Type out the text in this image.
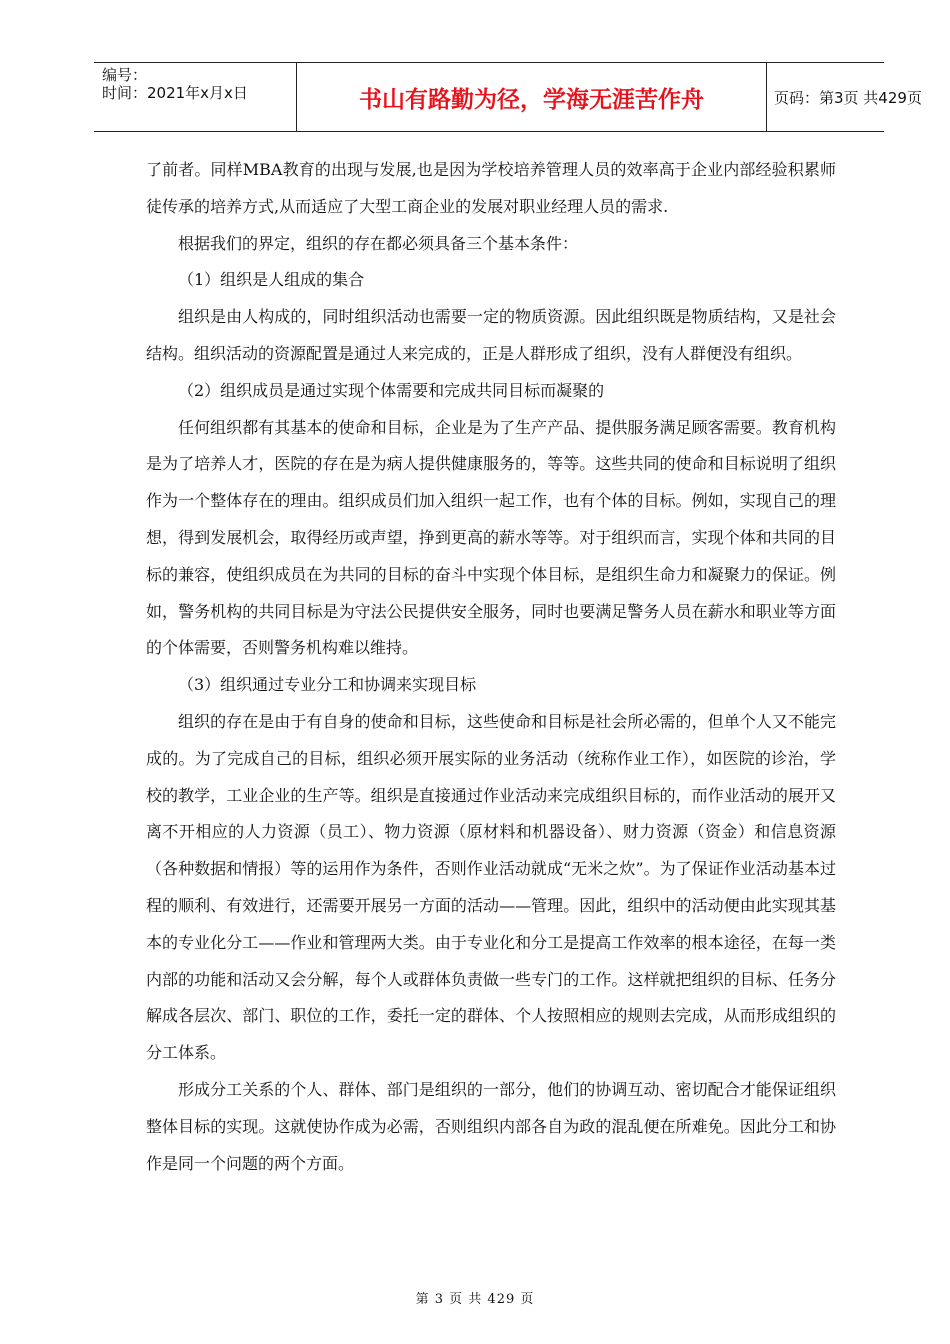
编号：
时间：2021年x月x日	书山有路勤为径，学海无涯苦作舟	页码：第3页 共429页

了前者。同样MBA教育的出现与发展,也是因为学校培养管理人员的效率高于企业内部经验积累师徒传承的培养方式,从而适应了大型工商企业的发展对职业经理人员的需求.

根据我们的界定，组织的存在都必须具备三个基本条件：

（1）组织是人组成的集合

组织是由人构成的，同时组织活动也需要一定的物质资源。因此组织既是物质结构，又是社会结构。组织活动的资源配置是通过人来完成的，正是人群形成了组织，没有人群便没有组织。

（2）组织成员是通过实现个体需要和完成共同目标而凝聚的

任何组织都有其基本的使命和目标，企业是为了生产产品、提供服务满足顾客需要。教育机构是为了培养人才，医院的存在是为病人提供健康服务的，等等。这些共同的使命和目标说明了组织作为一个整体存在的理由。组织成员们加入组织一起工作，也有个体的目标。例如，实现自己的理想，得到发展机会，取得经历或声望，挣到更高的薪水等等。对于组织而言，实现个体和共同的目标的兼容，使组织成员在为共同的目标的奋斗中实现个体目标，是组织生命力和凝聚力的保证。例如，警务机构的共同目标是为守法公民提供安全服务，同时也要满足警务人员在薪水和职业等方面的个体需要，否则警务机构难以维持。

（3）组织通过专业分工和协调来实现目标

组织的存在是由于有自身的使命和目标，这些使命和目标是社会所必需的，但单个人又不能完成的。为了完成自己的目标，组织必须开展实际的业务活动（统称作业工作），如医院的诊治，学校的教学，工业企业的生产等。组织是直接通过作业活动来完成组织目标的，而作业活动的展开又离不开相应的人力资源（员工）、物力资源（原材料和机器设备）、财力资源（资金）和信息资源（各种数据和情报）等的运用作为条件，否则作业活动就成“无米之炊”。为了保证作业活动基本过程的顺利、有效进行，还需要开展另一方面的活动——管理。因此，组织中的活动便由此实现其基本的专业化分工——作业和管理两大类。由于专业化和分工是提高工作效率的根本途径，在每一类内部的功能和活动又会分解，每个人或群体负责做一些专门的工作。这样就把组织的目标、任务分解成各层次、部门、职位的工作，委托一定的群体、个人按照相应的规则去完成，从而形成组织的分工体系。

形成分工关系的个人、群体、部门是组织的一部分，他们的协调互动、密切配合才能保证组织整体目标的实现。这就使协作成为必需，否则组织内部各自为政的混乱便在所难免。因此分工和协作是同一个问题的两个方面。

第 3 页 共 429 页
